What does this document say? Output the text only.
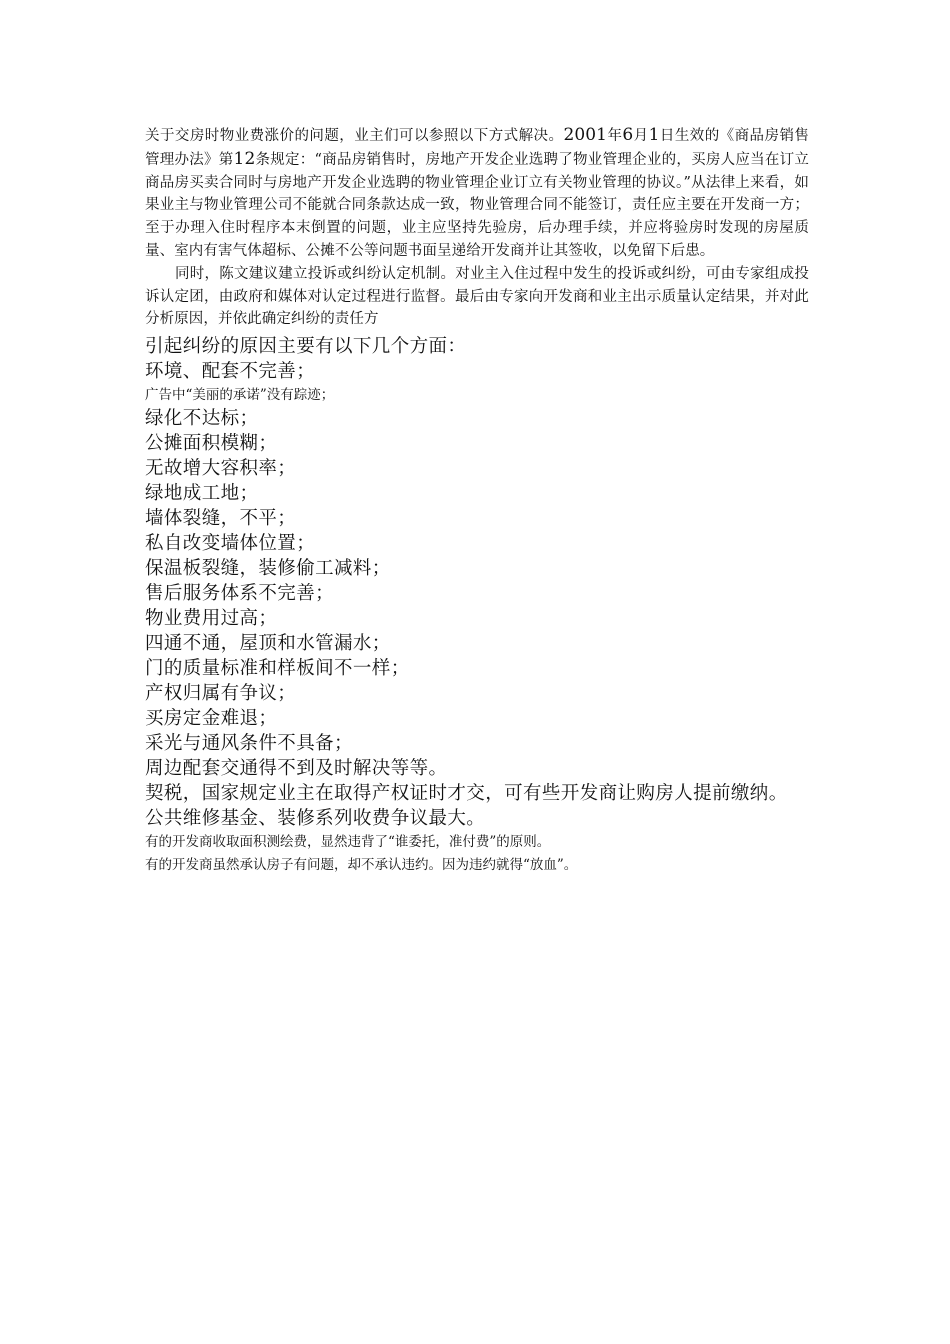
关于交房时物业费涨价的问题，业主们可以参照以下方式解决。2001年6月1日生效的《商品房销售管理办法》第12条规定：“商品房销售时，房地产开发企业选聘了物业管理企业的，买房人应当在订立商品房买卖合同时与房地产开发企业选聘的物业管理企业订立有关物业管理的协议。”从法律上来看，如果业主与物业管理公司不能就合同条款达成一致，物业管理合同不能签订，责任应主要在开发商一方；至于办理入住时程序本末倒置的问题，业主应坚持先验房，后办理手续，并应将验房时发现的房屋质量、室内有害气体超标、公摊不公等问题书面呈递给开发商并让其签收，以免留下后患。

同时，陈文建议建立投诉或纠纷认定机制。对业主入住过程中发生的投诉或纠纷，可由专家组成投诉认定团，由政府和媒体对认定过程进行监督。最后由专家向开发商和业主出示质量认定结果，并对此分析原因，并依此确定纠纷的责任方

引起纠纷的原因主要有以下几个方面：

环境、配套不完善；

广告中“美丽的承诺”没有踪迹；

绿化不达标；

公摊面积模糊；

无故增大容积率；

绿地成工地；

墙体裂缝，不平；

私自改变墙体位置；

保温板裂缝，装修偷工减料；

售后服务体系不完善；

物业费用过高；

四通不通，屋顶和水管漏水；

门的质量标准和样板间不一样；

产权归属有争议；

买房定金难退；

采光与通风条件不具备；

周边配套交通得不到及时解决等等。

契税，国家规定业主在取得产权证时才交，可有些开发商让购房人提前缴纳。

公共维修基金、装修系列收费争议最大。

有的开发商收取面积测绘费，显然违背了“谁委托，准付费”的原则。

有的开发商虽然承认房子有问题，却不承认违约。因为违约就得“放血”。
